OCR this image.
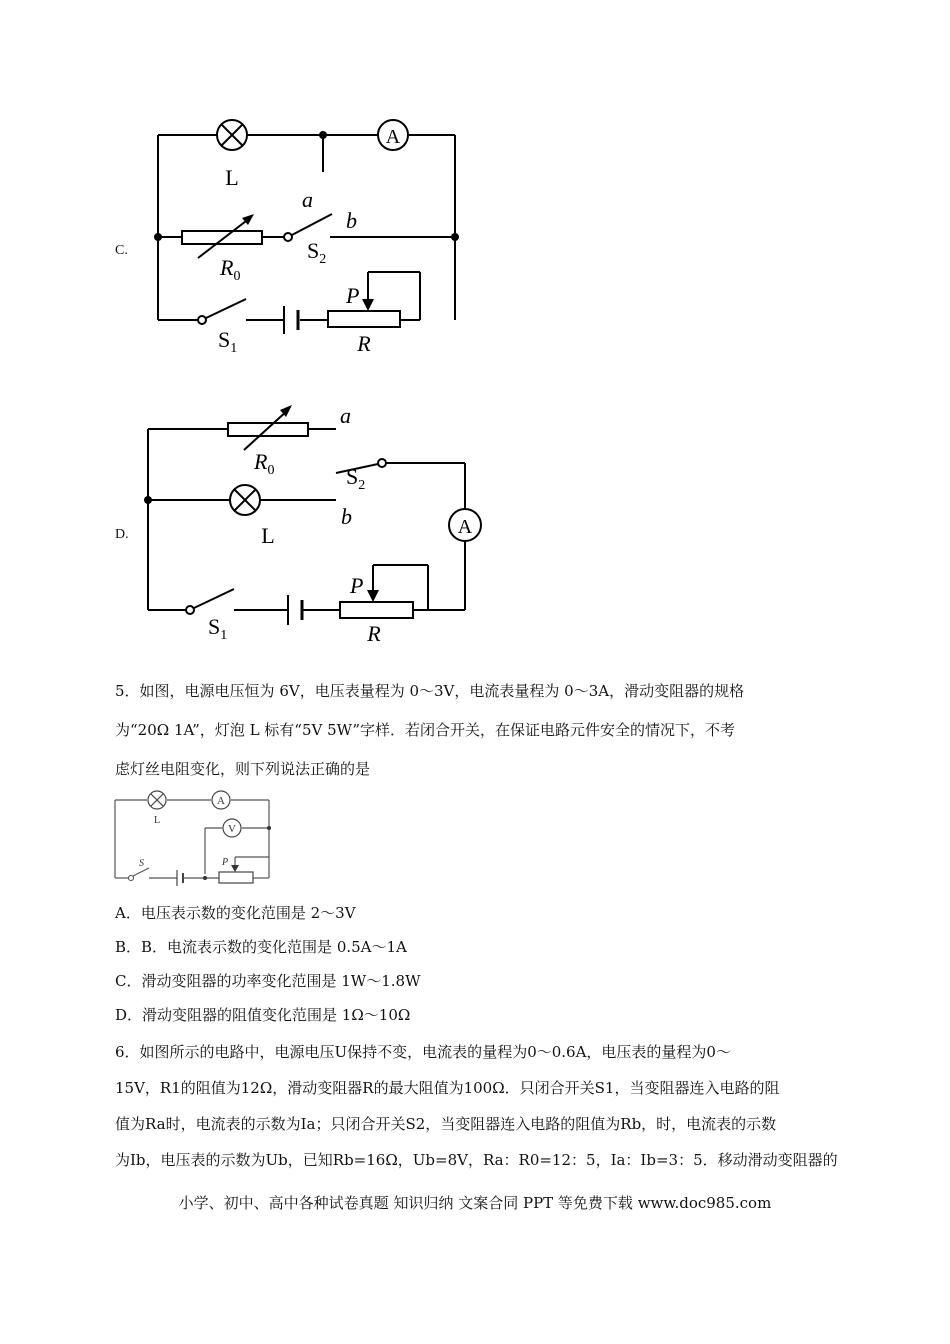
C.
A
L
a
b
$S_2$
$R_0$
P
$S_1$	R
D.	A
a
$R_0$	$S_2$
L
b
P
$S_1$	R
5．如图，电源电压恒为 6V，电压表量程为 0～3V，电流表量程为 0～3A，滑动变阻器的规格
为“20Ω 1A”，灯泡 L 标有“5V 5W”字样．若闭合开关，在保证电路元件安全的情况下，不考
虑灯丝电阻变化，则下列说法正确的是
L
A
V
S	P
A．电压表示数的变化范围是 2～3V
B．B．电流表示数的变化范围是 0.5A～1A
C．滑动变阻器的功率变化范围是 1W～1.8W
D．滑动变阻器的阻值变化范围是 1Ω～10Ω
6．如图所示的电路中，电源电压U保持不变，电流表的量程为0～0.6A，电压表的量程为0～
15V，R1的阻值为12Ω，滑动变阻器R的最大阻值为100Ω．只闭合开关S1，当变阻器连入电路的阻
值为Ra时，电流表的示数为Ia；只闭合开关S2，当变阻器连入电路的阻值为Rb，时，电流表的示数
为Ib，电压表的示数为Ub，已知Rb=16Ω，Ub=8V，Ra：R0=12：5，Ia：Ib=3：5．移动滑动变阻器的
小学、初中、高中各种试卷真题 知识归纳 文案合同 PPT 等免费下载 www.doc985.com
